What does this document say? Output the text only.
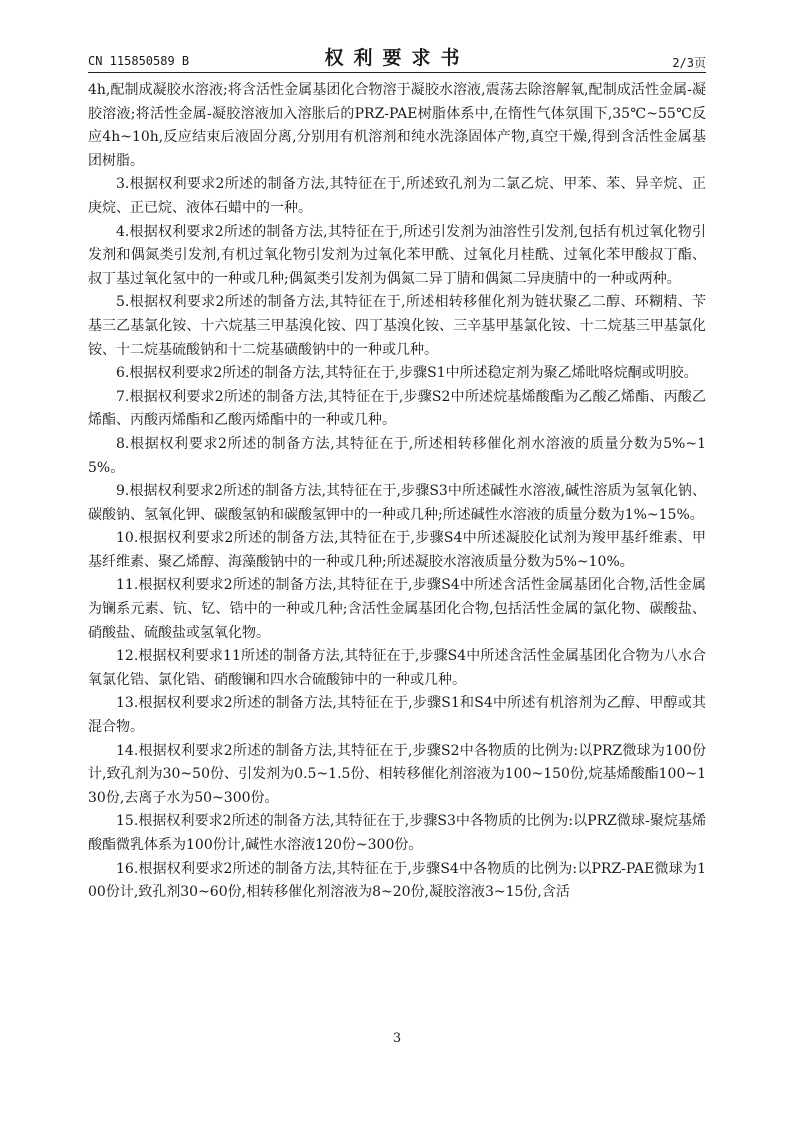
CN 115850589 B	权利要求书	2/3页

4h,配制成凝胶水溶液;将含活性金属基团化合物溶于凝胶水溶液,震荡去除溶解氧,配制成活性金属-凝胶溶液;将活性金属-凝胶溶液加入溶胀后的PRZ-PAE树脂体系中,在惰性气体氛围下,35℃~55℃反应4h~10h,反应结束后液固分离,分别用有机溶剂和纯水洗涤固体产物,真空干燥,得到含活性金属基团树脂。

3.根据权利要求2所述的制备方法,其特征在于,所述致孔剂为二氯乙烷、甲苯、苯、异辛烷、正庚烷、正已烷、液体石蜡中的一种。

4.根据权利要求2所述的制备方法,其特征在于,所述引发剂为油溶性引发剂,包括有机过氧化物引发剂和偶氮类引发剂,有机过氧化物引发剂为过氧化苯甲酰、过氧化月桂酰、过氧化苯甲酸叔丁酯、叔丁基过氧化氢中的一种或几种;偶氮类引发剂为偶氮二异丁腈和偶氮二异庚腈中的一种或两种。

5.根据权利要求2所述的制备方法,其特征在于,所述相转移催化剂为链状聚乙二醇、环糊精、苄基三乙基氯化铵、十六烷基三甲基溴化铵、四丁基溴化铵、三辛基甲基氯化铵、十二烷基三甲基氯化铵、十二烷基硫酸钠和十二烷基磺酸钠中的一种或几种。

6.根据权利要求2所述的制备方法,其特征在于,步骤S1中所述稳定剂为聚乙烯吡咯烷酮或明胶。

7.根据权利要求2所述的制备方法,其特征在于,步骤S2中所述烷基烯酸酯为乙酸乙烯酯、丙酸乙烯酯、丙酸丙烯酯和乙酸丙烯酯中的一种或几种。

8.根据权利要求2所述的制备方法,其特征在于,所述相转移催化剂水溶液的质量分数为5%~15%。

9.根据权利要求2所述的制备方法,其特征在于,步骤S3中所述碱性水溶液,碱性溶质为氢氧化钠、碳酸钠、氢氧化钾、碳酸氢钠和碳酸氢钾中的一种或几种;所述碱性水溶液的质量分数为1%~15%。

10.根据权利要求2所述的制备方法,其特征在于,步骤S4中所述凝胶化试剂为羧甲基纤维素、甲基纤维素、聚乙烯醇、海藻酸钠中的一种或几种;所述凝胶水溶液质量分数为5%~10%。

11.根据权利要求2所述的制备方法,其特征在于,步骤S4中所述含活性金属基团化合物,活性金属为镧系元素、钪、钇、锆中的一种或几种;含活性金属基团化合物,包括活性金属的氯化物、碳酸盐、硝酸盐、硫酸盐或氢氧化物。

12.根据权利要求11所述的制备方法,其特征在于,步骤S4中所述含活性金属基团化合物为八水合氧氯化锆、氯化锆、硝酸镧和四水合硫酸铈中的一种或几种。

13.根据权利要求2所述的制备方法,其特征在于,步骤S1和S4中所述有机溶剂为乙醇、甲醇或其混合物。

14.根据权利要求2所述的制备方法,其特征在于,步骤S2中各物质的比例为:以PRZ微球为100份计,致孔剂为30~50份、引发剂为0.5~1.5份、相转移催化剂溶液为100~150份,烷基烯酸酯100~130份,去离子水为50~300份。

15.根据权利要求2所述的制备方法,其特征在于,步骤S3中各物质的比例为:以PRZ微球-聚烷基烯酸酯微乳体系为100份计,碱性水溶液120份~300份。

16.根据权利要求2所述的制备方法,其特征在于,步骤S4中各物质的比例为:以PRZ-PAE微球为100份计,致孔剂30~60份,相转移催化剂溶液为8~20份,凝胶溶液3~15份,含活

3
